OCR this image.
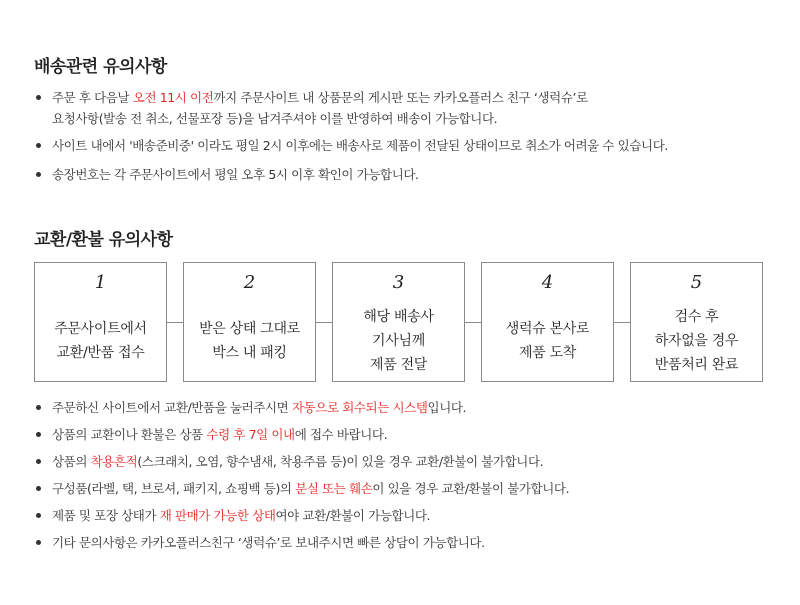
배송관련 유의사항
주문 후 다음날 오전 11시 이전까지 주문사이트 내 상품문의 게시판 또는 카카오플러스 친구 ‘생럭슈’로
요청사항(발송 전 취소, 선물포장 등)을 남겨주셔야 이를 반영하여 배송이 가능합니다.
사이트 내에서 '배송준비중' 이라도 평일 2시 이후에는 배송사로 제품이 전달된 상태이므로 취소가 어려울 수 있습니다.
송장번호는 각 주문사이트에서 평일 오후 5시 이후 확인이 가능합니다.
교환/환불 유의사항
1
주문사이트에서
교환/반품 접수
2
받은 상태 그대로
박스 내 패킹
3
해당 배송사
기사님께
제품 전달
4
생럭슈 본사로
제품 도착
5
검수 후
하자없을 경우
반품처리 완료
주문하신 사이트에서 교환/반품을 눌러주시면 자동으로 회수되는 시스템입니다.
상품의 교환이나 환불은 상품 수령 후 7일 이내에 접수 바랍니다.
상품의 착용흔적(스크래치, 오염, 향수냄새, 착용주름 등)이 있을 경우 교환/환불이 불가합니다.
구성품(라벨, 택, 브로셔, 패키지, 쇼핑백 등)의 분실 또는 훼손이 있을 경우 교환/환불이 불가합니다.
제품 및 포장 상태가 재 판매가 가능한 상태여야 교환/환불이 가능합니다.
기타 문의사항은 카카오플러스친구 ‘생럭슈’로 보내주시면 빠른 상담이 가능합니다.
